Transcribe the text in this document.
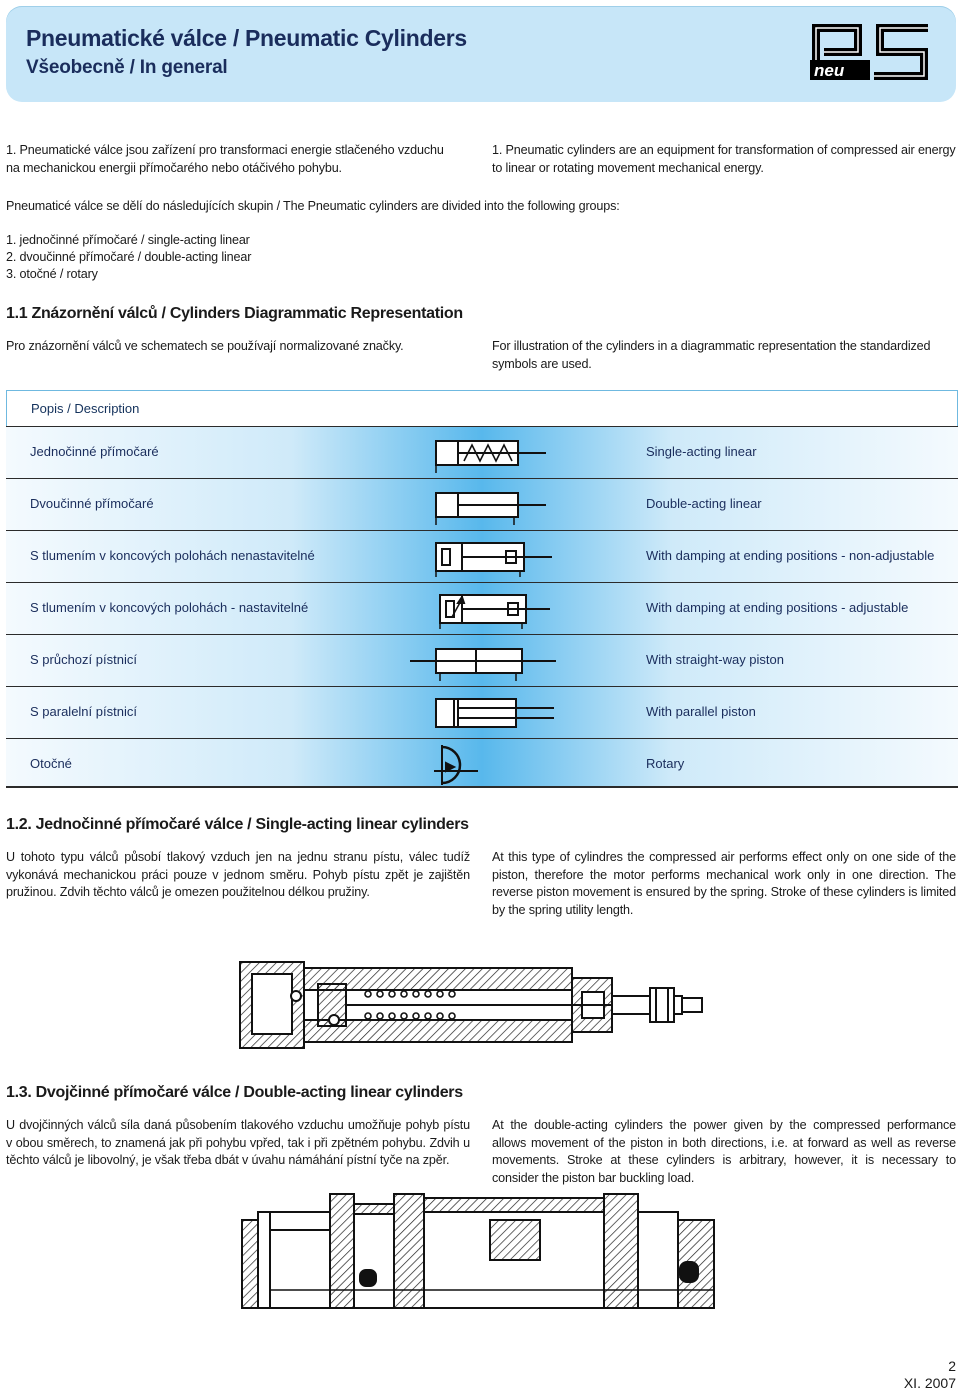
Pneumatické válce / Pneumatic Cylinders
Všeobecně / In general	neu
1. Pneumatické válce jsou zařízení pro transformaci energie stlačeného vzduchu na mechanickou energii přímočarého nebo otáčivého pohybu.
1. Pneumatic cylinders are an equipment for transformation of compressed air energy to linear or rotating movement mechanical energy.
Pneumaticé válce se dělí do následujících skupin / The Pneumatic cylinders are divided into the following groups:
1. jednočinné přímočaré / single-acting linear
2. dvoučinné přímočaré / double-acting linear
3. otočné / rotary
1.1 Znázornění válců / Cylinders Diagrammatic Representation
Pro znázornění válců ve schematech se používají normalizované značky.	For illustration of the cylinders in a diagrammatic representation the standardized symbols are used.
Popis / Description
Jednočinné přímočaré	Single-acting linear
Dvoučinné přímočaré	Double-acting linear
S tlumením v koncových polohách nenastavitelné	With damping at ending positions - non-adjustable
S tlumením v koncových polohách - nastavitelné	With damping at ending positions - adjustable
S průchozí pístnicí	With straight-way piston
S paralelní pístnicí	With parallel piston
Otočné	Rotary
1.2. Jednočinné přímočaré válce / Single-acting linear cylinders
U tohoto typu válců působí tlakový vzduch jen na jednu stranu pístu, válec tudíž vykonává mechanickou práci pouze v jednom směru. Pohyb pístu zpět je zajištěn pružinou. Zdvih těchto válců je omezen použitelnou délkou pružiny.
At this type of cylindres the compressed air performs effect only on one side of the piston, therefore the motor performs mechanical work only in one direction. The reverse piston movement is ensured by the spring. Stroke of these cylinders is limited by the spring utility length.
1.3. Dvojčinné přímočaré válce / Double-acting linear cylinders
U dvojčinných válců síla daná působením tlakového vzduchu umožňuje pohyb pístu v obou směrech, to znamená jak při pohybu vpřed, tak i při zpětném pohybu. Zdvih u těchto válců je libovolný, je však třeba dbát v úvahu námáhání pístní tyče na zpěr.
At the double-acting cylinders the power given by the compressed performance allows movement of the piston in both directions, i.e. at forward as well as reverse movements. Stroke at these cylinders is arbitrary, however, it is necessary to consider the piston bar buckling load.
2
XI. 2007
